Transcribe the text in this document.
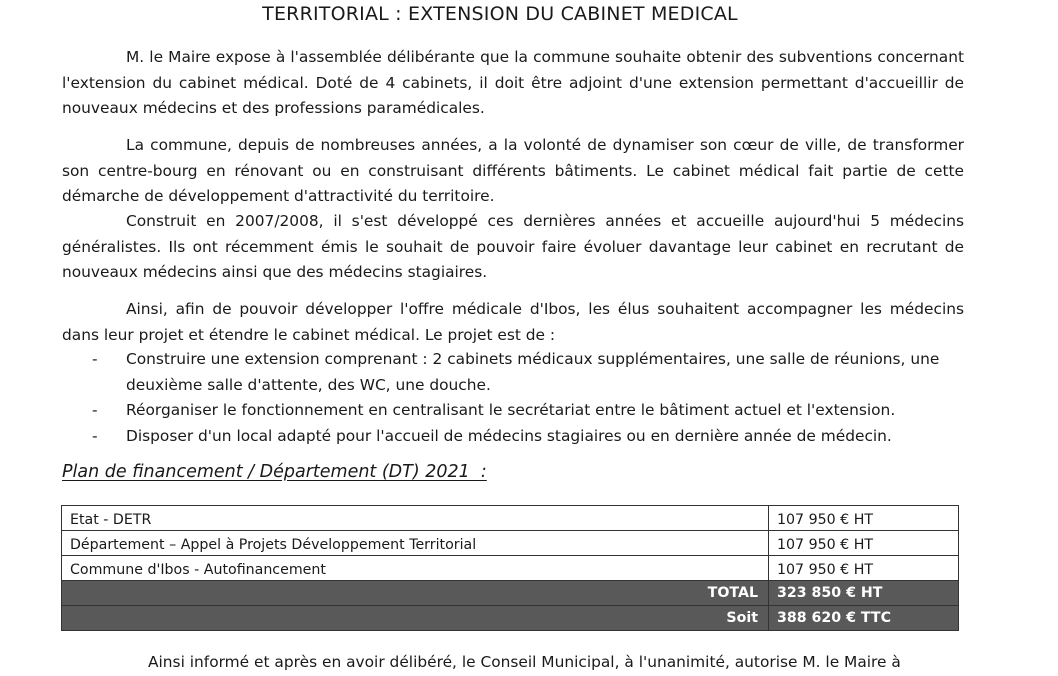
TERRITORIAL : EXTENSION DU CABINET MEDICAL

M. le Maire expose à l'assemblée délibérante que la commune souhaite obtenir des subventions concernant l'extension du cabinet médical. Doté de 4 cabinets, il doit être adjoint d'une extension permettant d'accueillir de nouveaux médecins et des professions paramédicales.

La commune, depuis de nombreuses années, a la volonté de dynamiser son cœur de ville, de transformer son centre-bourg en rénovant ou en construisant différents bâtiments. Le cabinet médical fait partie de cette démarche de développement d'attractivité du territoire.

Construit en 2007/2008, il s'est développé ces dernières années et accueille aujourd'hui 5 médecins généralistes. Ils ont récemment émis le souhait de pouvoir faire évoluer davantage leur cabinet en recrutant de nouveaux médecins ainsi que des médecins stagiaires.

Ainsi, afin de pouvoir développer l'offre médicale d'Ibos, les élus souhaitent accompagner les médecins dans leur projet et étendre le cabinet médical. Le projet est de :

- Construire une extension comprenant : 2 cabinets médicaux supplémentaires, une salle de réunions, une deuxième salle d'attente, des WC, une douche.
- Réorganiser le fonctionnement en centralisant le secrétariat entre le bâtiment actuel et l'extension.
- Disposer d'un local adapté pour l'accueil de médecins stagiaires ou en dernière année de médecin.
Plan de financement / Département (DT) 2021  :
Etat - DETR	107 950 € HT
Département – Appel à Projets Développement Territorial	107 950 € HT
Commune d'Ibos - Autofinancement	107 950 € HT
TOTAL	323 850 € HT
Soit	388 620 € TTC

Ainsi informé et après en avoir délibéré, le Conseil Municipal, à l'unanimité, autorise M. le Maire à
